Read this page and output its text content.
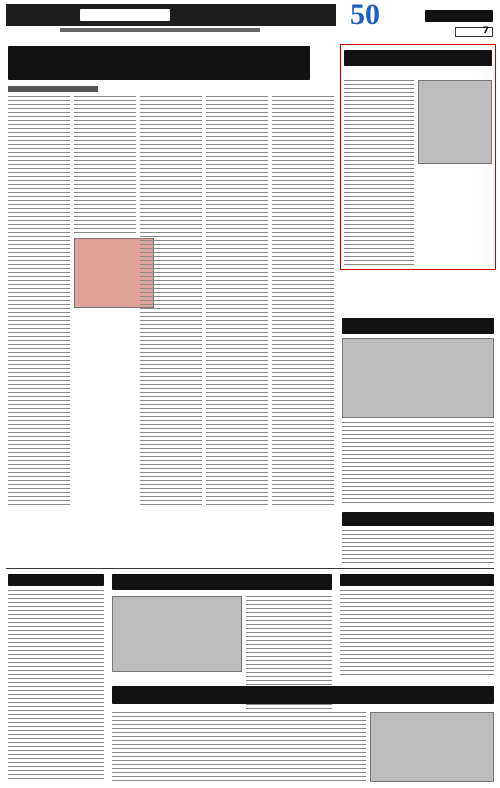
50	7
